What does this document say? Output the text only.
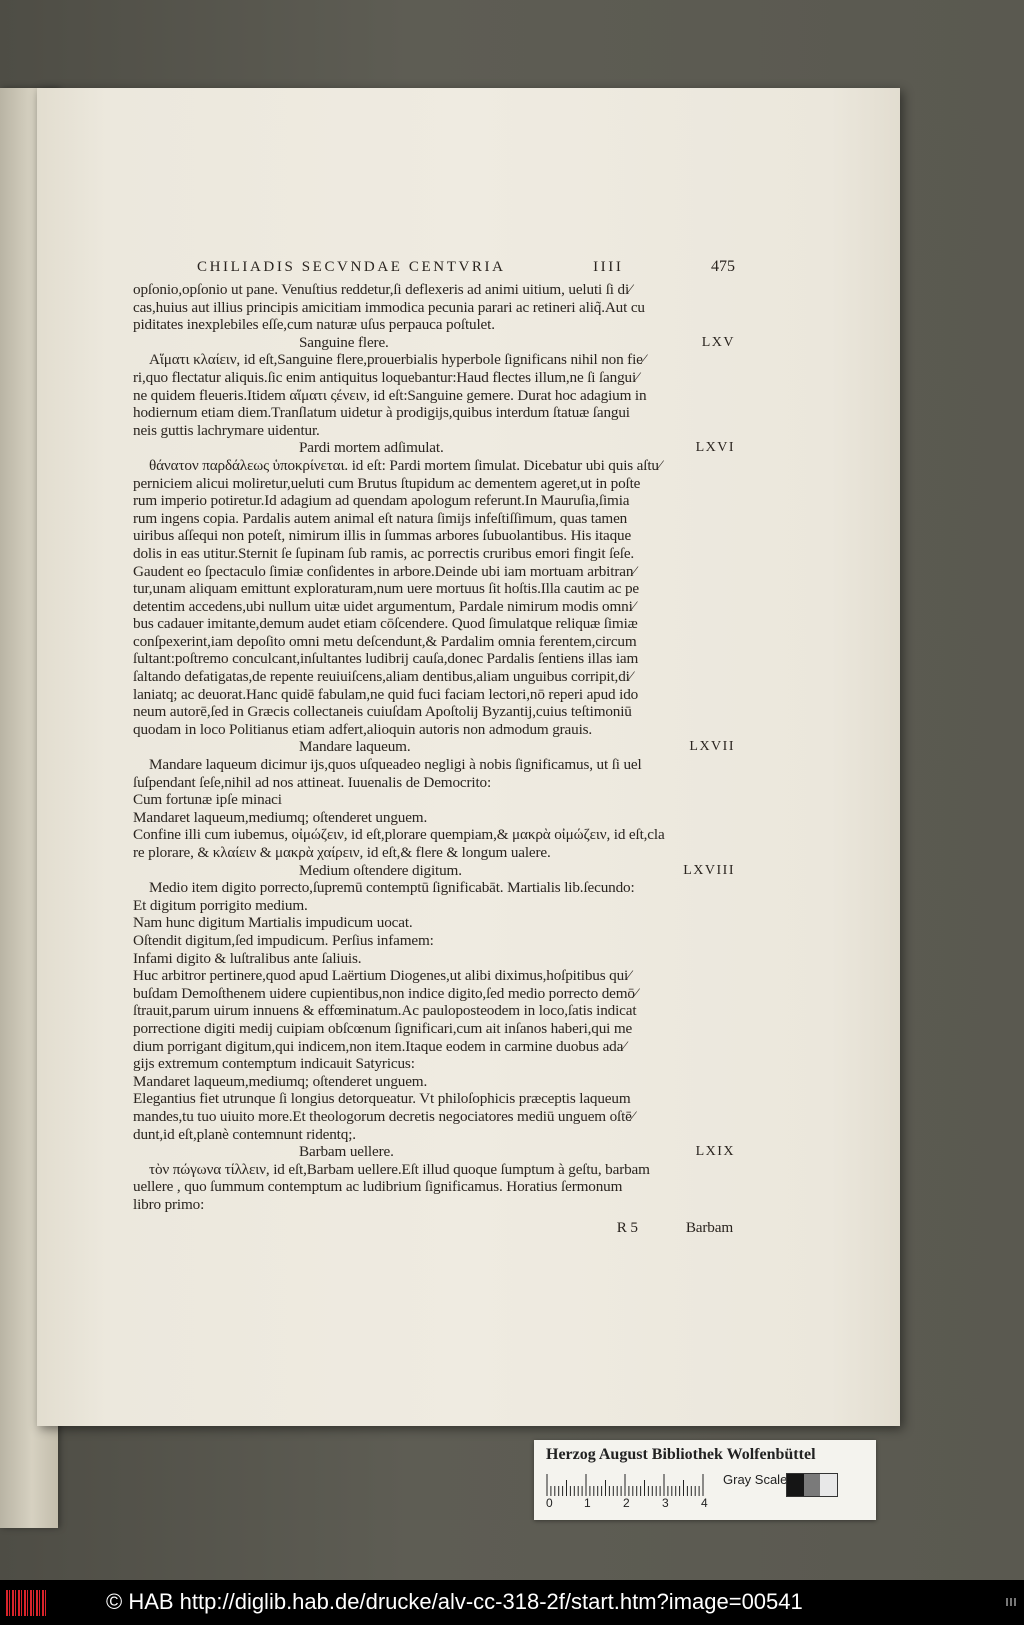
CHILIADIS SECVNDAE CENTVRIA	IIII	475
opſonio,opſonio ut pane. Venuſtius reddetur,ſi deflexeris ad animi uitium, ueluti ſi di⁄
cas,huius aut illius principis amicitiam immodica pecunia parari ac retineri aliq̃.Aut cu
piditates inexplebiles eſſe,cum naturæ uſus perpauca poſtulet.
Sanguine flere.	LXV
Αἵματι κλαίειν, id eſt,Sanguine flere,prouerbialis hyperbole ſignificans nihil non fie⁄
ri,quo flectatur aliquis.ſic enim antiquitus loquebantur:Haud flectes illum,ne ſi ſangui⁄
ne quidem fleueris.Itidem αἵματι ςένειν, id eſt:Sanguine gemere. Durat hoc adagium in
hodiernum etiam diem.Tranſlatum uidetur à prodigijs,quibus interdum ſtatuæ ſangui
neis guttis lachrymare uidentur.
Pardi mortem adſimulat.	LXVI
θάνατον παρδάλεως ὑποκρίνεται. id eſt: Pardi mortem ſimulat. Dicebatur ubi quis aſtu⁄
perniciem alicui moliretur,ueluti cum Brutus ſtupidum ac dementem ageret,ut in poſte
rum imperio potiretur.Id adagium ad quendam apologum referunt.In Mauruſia,ſimia
rum ingens copia. Pardalis autem animal eſt natura ſimijs infeſtiſſimum, quas tamen
uiribus aſſequi non poteſt, nimirum illis in ſummas arbores ſubuolantibus. His itaque
dolis in eas utitur.Sternit ſe ſupinam ſub ramis, ac porrectis cruribus emori fingit ſeſe.
Gaudent eo ſpectaculo ſimiæ conſidentes in arbore.Deinde ubi iam mortuam arbitran⁄
tur,unam aliquam emittunt exploraturam,num uere mortuus ſit hoſtis.Illa cautim ac pe
detentim accedens,ubi nullum uitæ uidet argumentum, Pardale nimirum modis omni⁄
bus cadauer imitante,demum audet etiam cōſcendere. Quod ſimulatque reliquæ ſimiæ
conſpexerint,iam depoſito omni metu deſcendunt,& Pardalim omnia ferentem,circum
ſultant:poſtremo conculcant,inſultantes ludibrij cauſa,donec Pardalis ſentiens illas iam
ſaltando defatigatas,de repente reuiuiſcens,aliam dentibus,aliam unguibus corripit,di⁄
laniatq; ac deuorat.Hanc quidē fabulam,ne quid fuci faciam lectori,nō reperi apud ido
neum autorē,ſed in Græcis collectaneis cuiuſdam Apoſtolij Byzantij,cuius teſtimoniū
quodam in loco Politianus etiam adfert,alioquin autoris non admodum grauis.
Mandare laqueum.	LXVII
Mandare laqueum dicimur ijs,quos uſqueadeo negligi à nobis ſignificamus, ut ſi uel
ſuſpendant ſeſe,nihil ad nos attineat. Iuuenalis de Democrito:
Cum fortunæ ipſe minaci
Mandaret laqueum,mediumq; oſtenderet unguem.
Confine illi cum iubemus, οἰμώζειν, id eſt,plorare quempiam,& μακρὰ οἰμώζειν, id eſt,cla
re plorare, & κλαίειν & μακρὰ χαίρειν, id eſt,& flere & longum ualere.
Medium oſtendere digitum.	LXVIII
Medio item digito porrecto,ſupremū contemptū ſignificabāt. Martialis lib.ſecundo:
Et digitum porrigito medium.
Nam hunc digitum Martialis impudicum uocat.
Oſtendit digitum,ſed impudicum. Perſius infamem:
Infami digito & luſtralibus ante ſaliuis.
Huc arbitror pertinere,quod apud Laërtium Diogenes,ut alibi diximus,hoſpitibus qui⁄
buſdam Demoſthenem uidere cupientibus,non indice digito,ſed medio porrecto demō⁄
ſtrauit,parum uirum innuens & effœminatum.Ac pauloposteodem in loco,ſatis indicat
porrectione digiti medij cuipiam obſcœnum ſignificari,cum ait inſanos haberi,qui me
dium porrigant digitum,qui indicem,non item.Itaque eodem in carmine duobus ada⁄
gijs extremum contemptum indicauit Satyricus:
Mandaret laqueum,mediumq; oſtenderet unguem.
Elegantius fiet utrunque ſi longius detorqueatur. Vt philoſophicis præceptis laqueum
mandes,tu tuo uiuito more.Et theologorum decretis negociatores mediū unguem oſtē⁄
dunt,id eſt,planè contemnunt ridentq;.
Barbam uellere.	LXIX
τὸν πώγωνα τίλλειν, id eſt,Barbam uellere.Eſt illud quoque ſumptum à geſtu, barbam
uellere , quo ſummum contemptum ac ludibrium ſignificamus. Horatius ſermonum
libro primo:
R 5	Barbam
Herzog August Bibliothek Wolfenbüttel
0	1	2	3	4
Gray Scale
© HAB http://diglib.hab.de/drucke/alv-cc-318-2f/start.htm?image=00541
